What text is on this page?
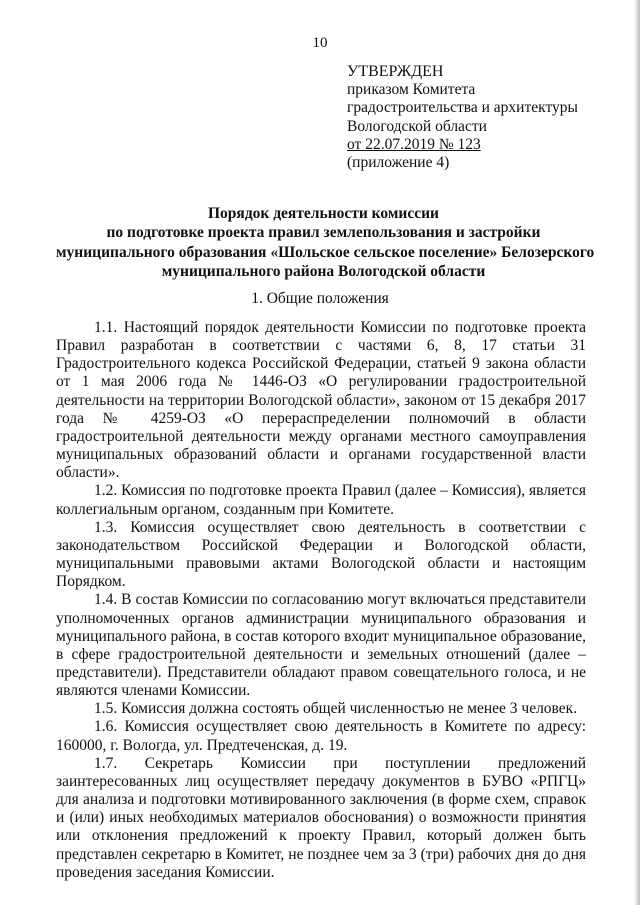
10
УТВЕРЖДЕН
приказом Комитета
градостроительства и архитектуры
Вологодской области
от 22.07.2019 № 123
(приложение 4)
Порядок деятельности комиссии
по подготовке проекта правил землепользования и застройки
муниципального образования «Шольское сельское поселение» Белозерского
муниципального района Вологодской области
1. Общие положения

1.1. Настоящий порядок деятельности Комиссии по подготовке проекта Правил разработан в соответствии с частями 6, 8, 17 статьи 31 Градостроительного кодекса Российской Федерации, статьей 9 закона области от 1 мая 2006 года № 1446-ОЗ «О регулировании градостроительной деятельности на территории Вологодской области», законом от 15 декабря 2017 года № 4259-ОЗ «О перераспределении полномочий в области градостроительной деятельности между органами местного самоуправления муниципальных образований области и органами государственной власти области».

1.2. Комиссия по подготовке проекта Правил (далее – Комиссия), является коллегиальным органом, созданным при Комитете.

1.3. Комиссия осуществляет свою деятельность в соответствии с законодательством Российской Федерации и Вологодской области, муниципальными правовыми актами Вологодской области и настоящим Порядком.

1.4. В состав Комиссии по согласованию могут включаться представители уполномоченных органов администрации муниципального образования и муниципального района, в состав которого входит муниципальное образование, в сфере градостроительной деятельности и земельных отношений (далее – представители). Представители обладают правом совещательного голоса, и не являются членами Комиссии.

1.5. Комиссия должна состоять общей численностью не менее 3 человек.

1.6. Комиссия осуществляет свою деятельность в Комитете по адресу: 160000, г. Вологда, ул. Предтеченская, д. 19.

1.7. Секретарь Комиссии при поступлении предложений заинтересованных лиц осуществляет передачу документов в БУВО «РПГЦ» для анализа и подготовки мотивированного заключения (в форме схем, справок и (или) иных необходимых материалов обоснования) о возможности принятия или отклонения предложений к проекту Правил, который должен быть представлен секретарю в Комитет, не позднее чем за 3 (три) рабочих дня до дня проведения заседания Комиссии.
